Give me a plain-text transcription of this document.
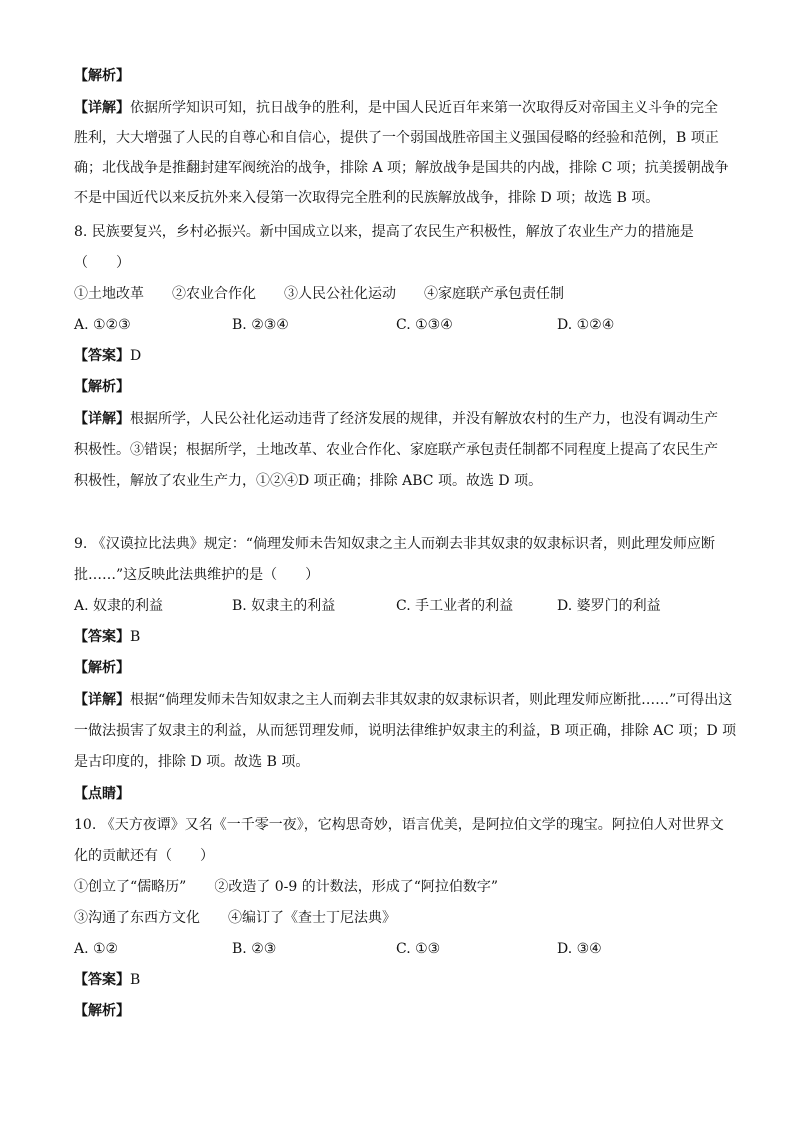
【解析】
【详解】依据所学知识可知，抗日战争的胜利，是中国人民近百年来第一次取得反对帝国主义斗争的完全
胜利，大大增强了人民的自尊心和自信心，提供了一个弱国战胜帝国主义强国侵略的经验和范例，B 项正
确；北伐战争是推翻封建军阀统治的战争，排除 A 项；解放战争是国共的内战，排除 C 项；抗美援朝战争
不是中国近代以来反抗外来入侵第一次取得完全胜利的民族解放战争，排除 D 项；故选 B 项。
8. 民族要复兴，乡村必振兴。新中国成立以来，提高了农民生产积极性，解放了农业生产力的措施是
（　　）
①土地改革　　②农业合作化　　③人民公社化运动　　④家庭联产承包责任制
A. ①②③	B. ②③④	C. ①③④	D. ①②④
【答案】D
【解析】
【详解】根据所学，人民公社化运动违背了经济发展的规律，并没有解放农村的生产力，也没有调动生产
积极性。③错误；根据所学，土地改革、农业合作化、家庭联产承包责任制都不同程度上提高了农民生产
积极性，解放了农业生产力，①②④D 项正确；排除 ABC 项。故选 D 项。
9. 《汉谟拉比法典》规定：“倘理发师未告知奴隶之主人而剃去非其奴隶的奴隶标识者，则此理发师应断
批……”这反映此法典维护的是（　　）
A. 奴隶的利益	B. 奴隶主的利益	C. 手工业者的利益	D. 婆罗门的利益
【答案】B
【解析】
【详解】根据“倘理发师未告知奴隶之主人而剃去非其奴隶的奴隶标识者，则此理发师应断批……”可得出这
一做法损害了奴隶主的利益，从而惩罚理发师，说明法律维护奴隶主的利益，B 项正确，排除 AC 项；D 项
是古印度的，排除 D 项。故选 B 项。
【点睛】
10. 《天方夜谭》又名《一千零一夜》，它构思奇妙，语言优美，是阿拉伯文学的瑰宝。阿拉伯人对世界文
化的贡献还有（　　）
①创立了“儒略历”　　②改造了 0-9 的计数法，形成了“阿拉伯数字”
③沟通了东西方文化　　④编订了《查士丁尼法典》
A. ①②	B. ②③	C. ①③	D. ③④
【答案】B
【解析】
